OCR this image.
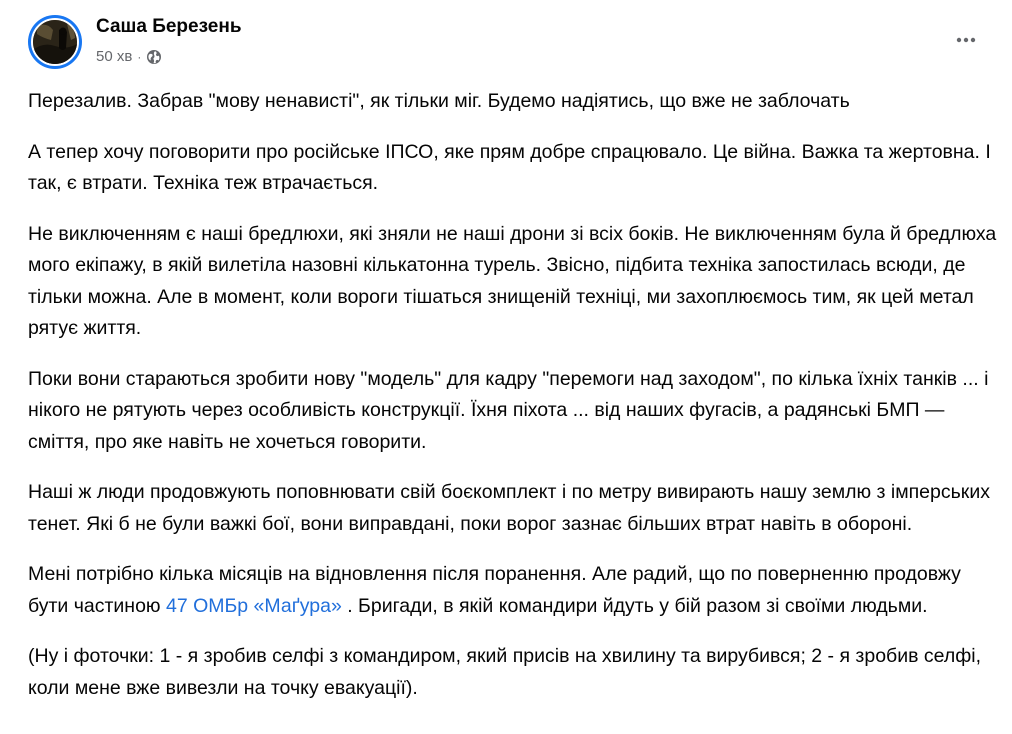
Саша Березень
50 хв ·

Перезалив. Забрав "мову ненависті", як тільки міг. Будемо надіятись, що вже не заблочать

А тепер хочу поговорити про російське ІПСО, яке прям добре спрацювало. Це війна. Важка та жертовна. І так, є втрати. Техніка теж втрачається.

Не виключенням є наші бредлюхи, які зняли не наші дрони зі всіх боків. Не виключенням була й бредлюха мого екіпажу, в якій вилетіла назовні кількатонна турель. Звісно, підбита техніка запостилась всюди, де тільки можна. Але в момент, коли вороги тішаться знищеній техніці, ми захоплюємось тим, як цей метал рятує життя.

Поки вони стараються зробити нову "модель" для кадру "перемоги над заходом", по кілька їхніх танків ... і нікого не рятують через особливість конструкції. Їхня піхота ... від наших фугасів, а радянські БМП — сміття, про яке навіть не хочеться говорити.

Наші ж люди продовжують поповнювати свій боєкомплект і по метру вивирають нашу землю з імперських тенет. Які б не були важкі бої, вони виправдані, поки ворог зазнає більших втрат навіть в обороні.

Мені потрібно кілька місяців на відновлення після поранення. Але радий, що по поверненню продовжу бути частиною 47 ОМБр «Маґура» . Бригади, в якій командири йдуть у бій разом зі своїми людьми.

(Ну і фоточки: 1 - я зробив селфі з командиром, який присів на хвилину та вирубився; 2 - я зробив селфі, коли мене вже вивезли на точку евакуації).
